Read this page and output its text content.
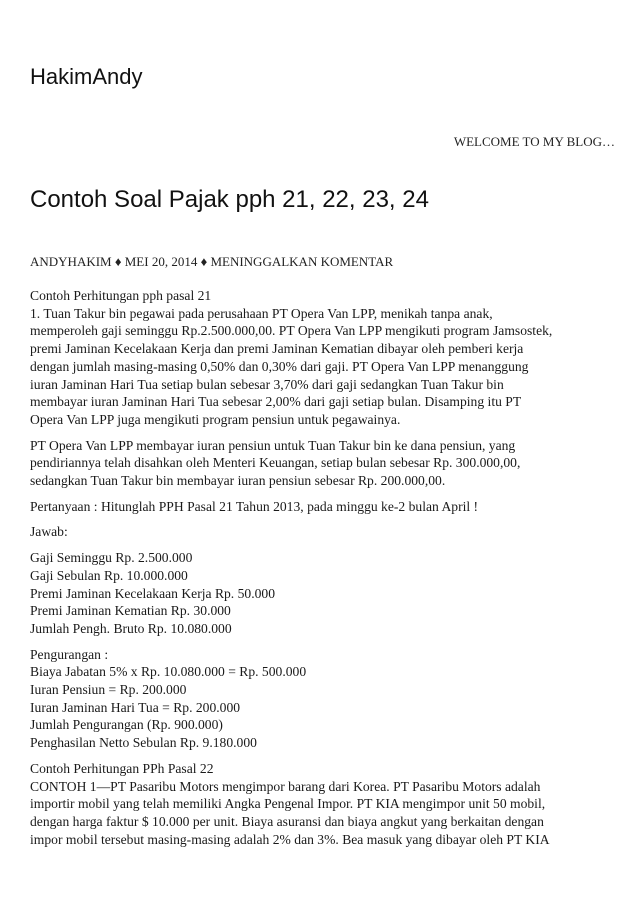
HakimAndy
WELCOME TO MY BLOG…
Contoh Soal Pajak pph 21, 22, 23, 24
ANDYHAKIM ♦ MEI 20, 2014 ♦ MENINGGALKAN KOMENTAR

Contoh Perhitungan pph pasal 21
1. Tuan Takur bin pegawai pada perusahaan PT Opera Van LPP, menikah tanpa anak,
memperoleh gaji seminggu Rp.2.500.000,00. PT Opera Van LPP mengikuti program Jamsostek,
premi Jaminan Kecelakaan Kerja dan premi Jaminan Kematian dibayar oleh pemberi kerja
dengan jumlah masing-masing 0,50% dan 0,30% dari gaji. PT Opera Van LPP menanggung
iuran Jaminan Hari Tua setiap bulan sebesar 3,70% dari gaji sedangkan Tuan Takur bin
membayar iuran Jaminan Hari Tua sebesar 2,00% dari gaji setiap bulan. Disamping itu PT
Opera Van LPP juga mengikuti program pensiun untuk pegawainya.

PT Opera Van LPP membayar iuran pensiun untuk Tuan Takur bin ke dana pensiun, yang
pendiriannya telah disahkan oleh Menteri Keuangan, setiap bulan sebesar Rp. 300.000,00,
sedangkan Tuan Takur bin membayar iuran pensiun sebesar Rp. 200.000,00.

Pertanyaan : Hitunglah PPH Pasal 21 Tahun 2013, pada minggu ke-2 bulan April !

Jawab:

Gaji Seminggu Rp. 2.500.000
Gaji Sebulan Rp. 10.000.000
Premi Jaminan Kecelakaan Kerja Rp. 50.000
Premi Jaminan Kematian Rp. 30.000
Jumlah Pengh. Bruto Rp. 10.080.000

Pengurangan :
Biaya Jabatan 5% x Rp. 10.080.000 = Rp. 500.000
Iuran Pensiun = Rp. 200.000
Iuran Jaminan Hari Tua = Rp. 200.000
Jumlah Pengurangan (Rp. 900.000)
Penghasilan Netto Sebulan Rp. 9.180.000

Contoh Perhitungan PPh Pasal 22
CONTOH 1—PT Pasaribu Motors mengimpor barang dari Korea. PT Pasaribu Motors adalah
importir mobil yang telah memiliki Angka Pengenal Impor. PT KIA mengimpor unit 50 mobil,
dengan harga faktur $ 10.000 per unit. Biaya asuransi dan biaya angkut yang berkaitan dengan
impor mobil tersebut masing-masing adalah 2% dan 3%. Bea masuk yang dibayar oleh PT KIA
